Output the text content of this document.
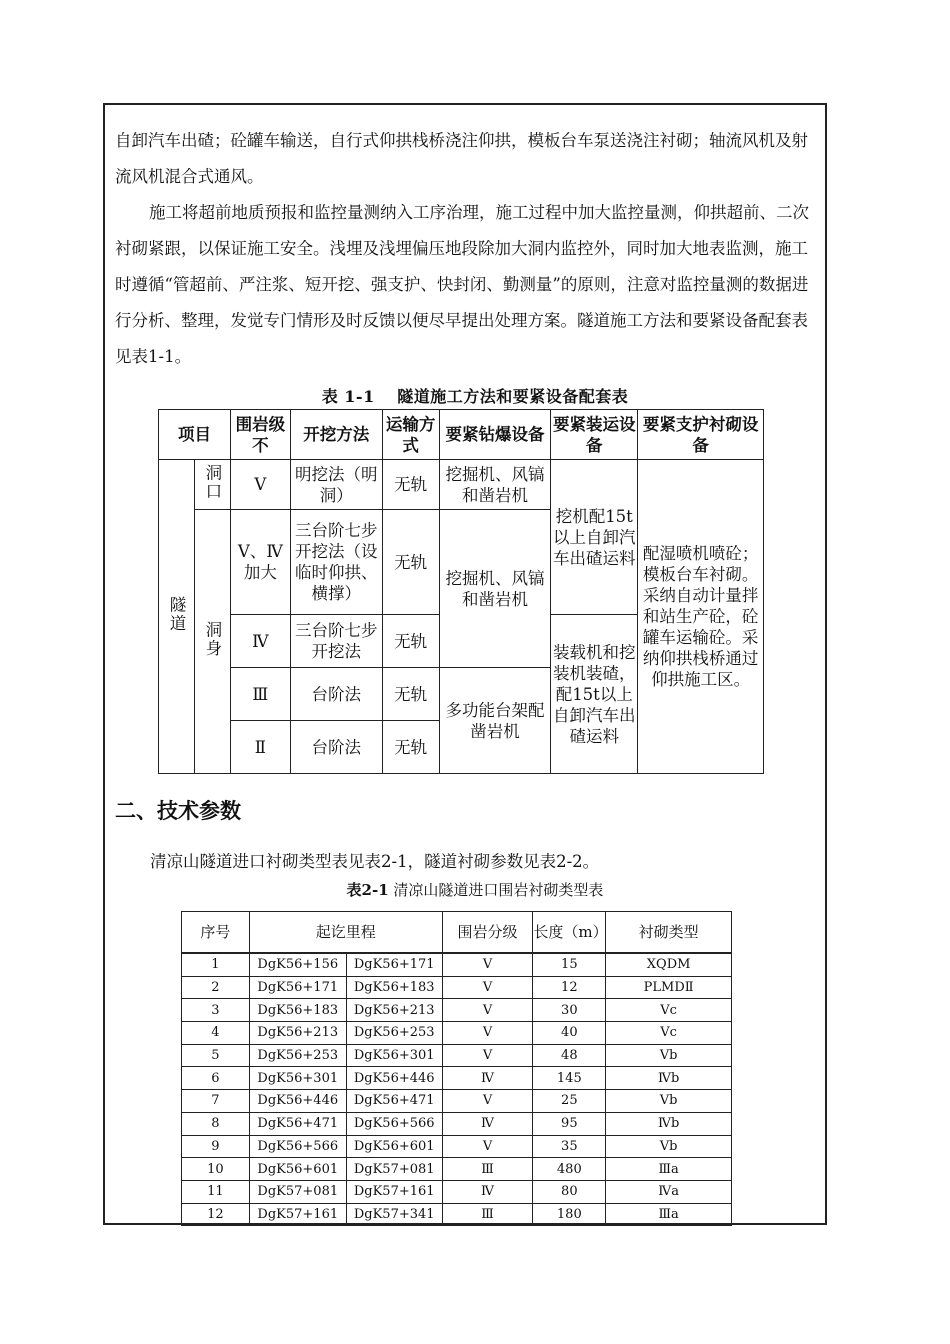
自卸汽车出碴；砼罐车输送，自行式仰拱栈桥浇注仰拱，模板台车泵送浇注衬砌；轴流风机及射流风机混合式通风。

施工将超前地质预报和监控量测纳入工序治理，施工过程中加大监控量测，仰拱超前、二次衬砌紧跟，以保证施工安全。浅埋及浅埋偏压地段除加大洞内监控外，同时加大地表监测，施工时遵循“管超前、严注浆、短开挖、强支护、快封闭、勤测量”的原则，注意对监控量测的数据进行分析、整理，发觉专门情形及时反馈以便尽早提出处理方案。隧道施工方法和要紧设备配套表见表1-1。

表 1-1　 隧道施工方法和要紧设备配套表
项目		围岩级不	开挖方法	运输方式	要紧钻爆设备	要紧装运设备	要紧支护衬砌设备
隧道	洞口	Ⅴ	明挖法（明洞）	无轨	挖掘机、风镐和凿岩机	挖机配15t以上自卸汽车出碴运料	配湿喷机喷砼；模板台车衬砌。采纳自动计量拌和站生产砼，砼罐车运输砼。采纳仰拱栈桥通过仰拱施工区。
	洞身	Ⅴ、Ⅳ加大	三台阶七步开挖法（设临时仰拱、横撑）	无轨	挖掘机、风镐和凿岩机		
		Ⅳ	三台阶七步开挖法	无轨		装载机和挖装机装碴，配15t以上自卸汽车出碴运料	
		Ⅲ	台阶法	无轨	多功能台架配凿岩机		
		Ⅱ	台阶法	无轨			
二、技术参数
清凉山隧道进口衬砌类型表见表2-1，隧道衬砌参数见表2-2。
表2-1 清凉山隧道进口围岩衬砌类型表
序号	起讫里程		围岩分级	长度（m）	衬砌类型
1	DgK56+156	DgK56+171	Ⅴ	15	XQDM
2	DgK56+171	DgK56+183	Ⅴ	12	PLMDⅡ
3	DgK56+183	DgK56+213	Ⅴ	30	Ⅴc
4	DgK56+213	DgK56+253	Ⅴ	40	Ⅴc
5	DgK56+253	DgK56+301	Ⅴ	48	Ⅴb
6	DgK56+301	DgK56+446	Ⅳ	145	Ⅳb
7	DgK56+446	DgK56+471	Ⅴ	25	Ⅴb
8	DgK56+471	DgK56+566	Ⅳ	95	Ⅳb
9	DgK56+566	DgK56+601	Ⅴ	35	Ⅴb
10	DgK56+601	DgK57+081	Ⅲ	480	Ⅲa
11	DgK57+081	DgK57+161	Ⅳ	80	Ⅳa
12	DgK57+161	DgK57+341	Ⅲ	180	Ⅲa
